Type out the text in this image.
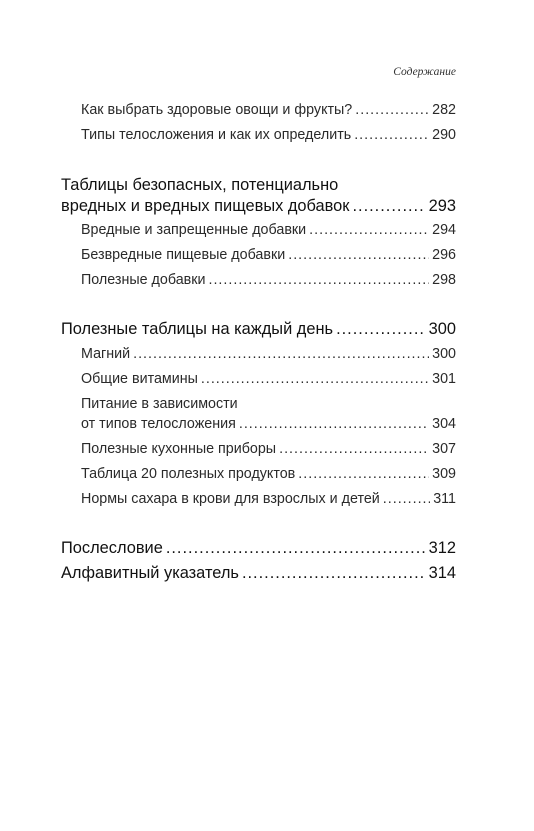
Содержание
Как выбрать здоровые овощи и фрукты? .....	282
Типы телосложения и как их определить .....	290
Таблицы безопасных, потенциально
вредных и вредных пищевых добавок .....	293
Вредные и запрещенные добавки .....	294
Безвредные пищевые добавки .....	296
Полезные добавки .....	298
Полезные таблицы на каждый день .....	300
Магний .....	300
Общие витамины .....	301
Питание в зависимости
от типов телосложения .....	304
Полезные кухонные приборы .....	307
Таблица 20 полезных продуктов .....	309
Нормы сахара в крови для взрослых и детей .....	311
Послесловие .....	312
Алфавитный указатель .....	314
